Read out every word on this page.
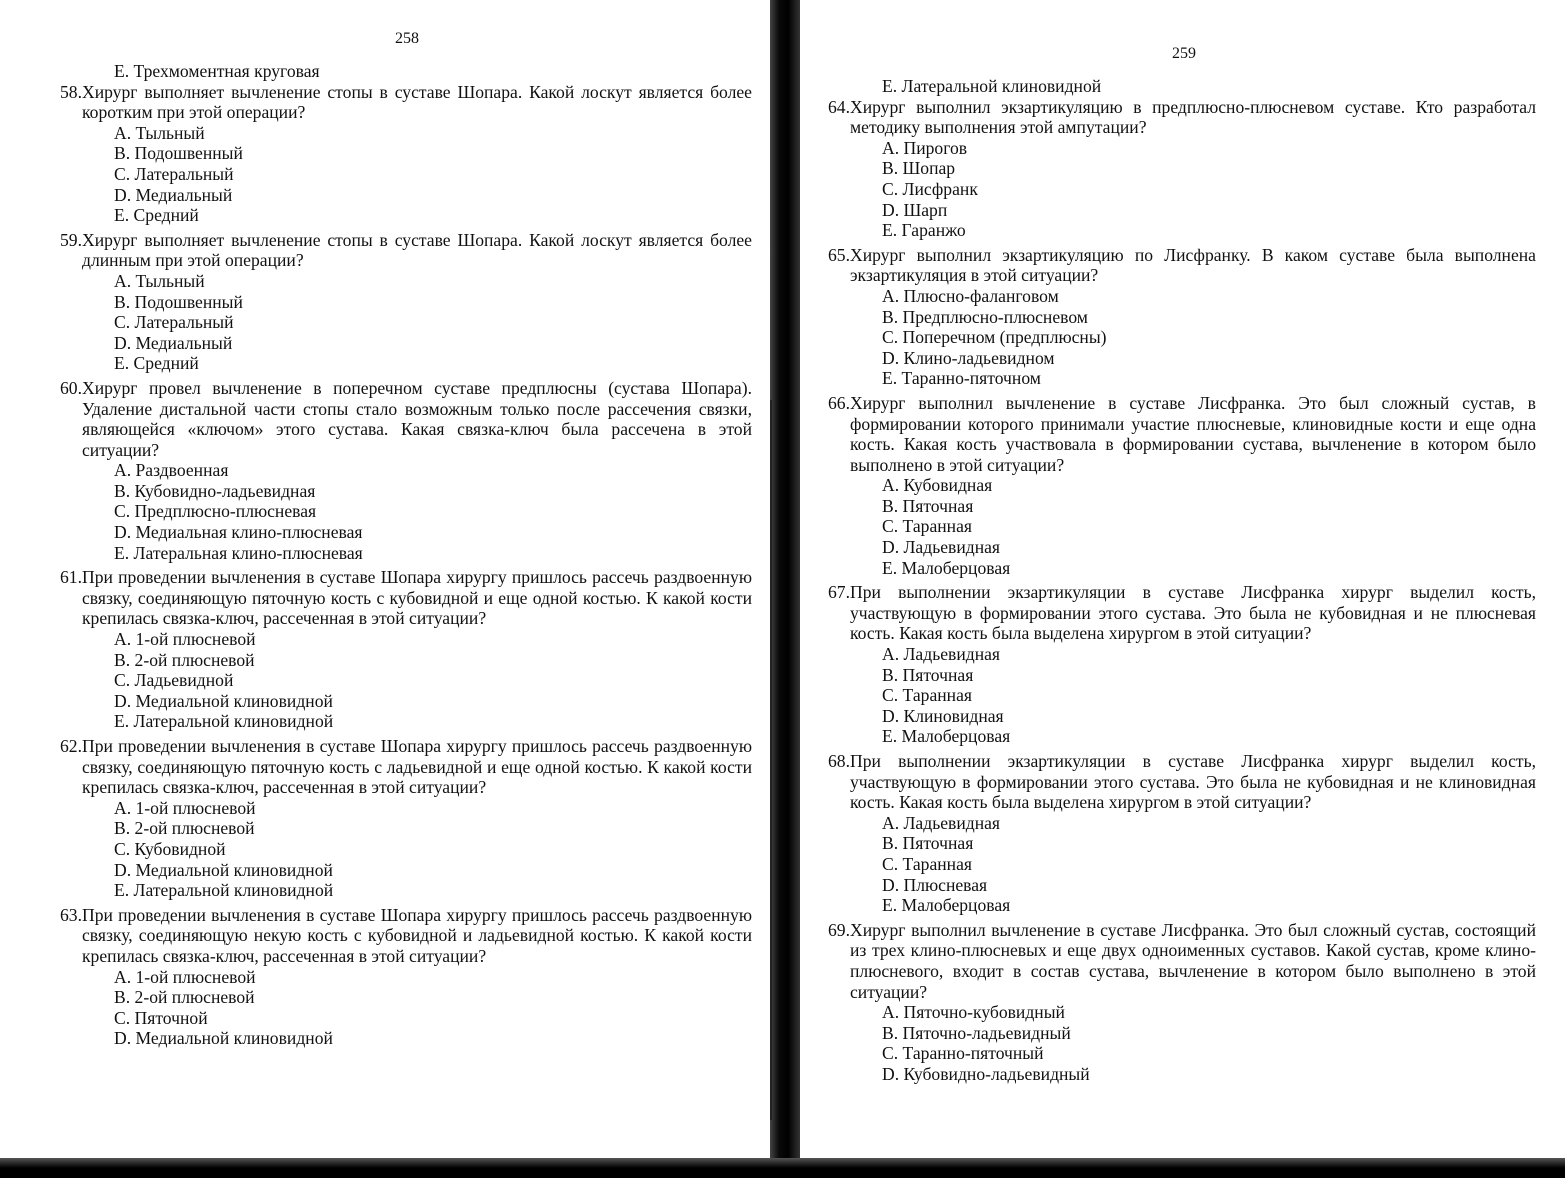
258
E. Трехмоментная круговая
58. Хирург выполняет вычленение стопы в суставе Шопара. Какой лоскут является более коротким при этой операции?
A. Тыльный
B. Подошвенный
C. Латеральный
D. Медиальный
E. Средний
59. Хирург выполняет вычленение стопы в суставе Шопара. Какой лоскут является более длинным при этой операции?
A. Тыльный
B. Подошвенный
C. Латеральный
D. Медиальный
E. Средний
60. Хирург провел вычленение в поперечном суставе предплюсны (сустава Шопара). Удаление дистальной части стопы стало возможным только после рассечения связки, являющейся «ключом» этого сустава. Какая связка-ключ была рассечена в этой ситуации?
A. Раздвоенная
B. Кубовидно-ладьевидная
C. Предплюсно-плюсневая
D. Медиальная клино-плюсневая
E. Латеральная клино-плюсневая
61. При проведении вычленения в суставе Шопара хирургу пришлось рассечь раздвоенную связку, соединяющую пяточную кость с кубовидной и еще одной костью. К какой кости крепилась связка-ключ, рассеченная в этой ситуации?
A. 1-ой плюсневой
B. 2-ой плюсневой
C. Ладьевидной
D. Медиальной клиновидной
E. Латеральной клиновидной
62. При проведении вычленения в суставе Шопара хирургу пришлось рассечь раздвоенную связку, соединяющую пяточную кость с ладьевидной и еще одной костью. К какой кости крепилась связка-ключ, рассеченная в этой ситуации?
A. 1-ой плюсневой
B. 2-ой плюсневой
C. Кубовидной
D. Медиальной клиновидной
E. Латеральной клиновидной
63. При проведении вычленения в суставе Шопара хирургу пришлось рассечь раздвоенную связку, соединяющую некую кость с кубовидной и ладьевидной костью. К какой кости крепилась связка-ключ, рассеченная в этой ситуации?
A. 1-ой плюсневой
B. 2-ой плюсневой
C. Пяточной
D. Медиальной клиновидной
259
E. Латеральной клиновидной
64. Хирург выполнил экзартикуляцию в предплюсно-плюсневом суставе. Кто разработал методику выполнения этой ампутации?
A. Пирогов
B. Шопар
C. Лисфранк
D. Шарп
E. Гаранжо
65. Хирург выполнил экзартикуляцию по Лисфранку. В каком суставе была выполнена экзартикуляция в этой ситуации?
A. Плюсно-фаланговом
B. Предплюсно-плюсневом
C. Поперечном (предплюсны)
D. Клино-ладьевидном
E. Таранно-пяточном
66. Хирург выполнил вычленение в суставе Лисфранка. Это был сложный сустав, в формировании которого принимали участие плюсневые, клиновидные кости и еще одна кость. Какая кость участвовала в формировании сустава, вычленение в котором было выполнено в этой ситуации?
A. Кубовидная
B. Пяточная
C. Таранная
D. Ладьевидная
E. Малоберцовая
67. При выполнении экзартикуляции в суставе Лисфранка хирург выделил кость, участвующую в формировании этого сустава. Это была не кубовидная и не плюсневая кость. Какая кость была выделена хирургом в этой ситуации?
A. Ладьевидная
B. Пяточная
C. Таранная
D. Клиновидная
E. Малоберцовая
68. При выполнении экзартикуляции в суставе Лисфранка хирург выделил кость, участвующую в формировании этого сустава. Это была не кубовидная и не клиновидная кость. Какая кость была выделена хирургом в этой ситуации?
A. Ладьевидная
B. Пяточная
C. Таранная
D. Плюсневая
E. Малоберцовая
69. Хирург выполнил вычленение в суставе Лисфранка. Это был сложный сустав, состоящий из трех клино-плюсневых и еще двух одноименных суставов. Какой сустав, кроме клино-плюсневого, входит в состав сустава, вычленение в котором было выполнено в этой ситуации?
A. Пяточно-кубовидный
B. Пяточно-ладьевидный
C. Таранно-пяточный
D. Кубовидно-ладьевидный
